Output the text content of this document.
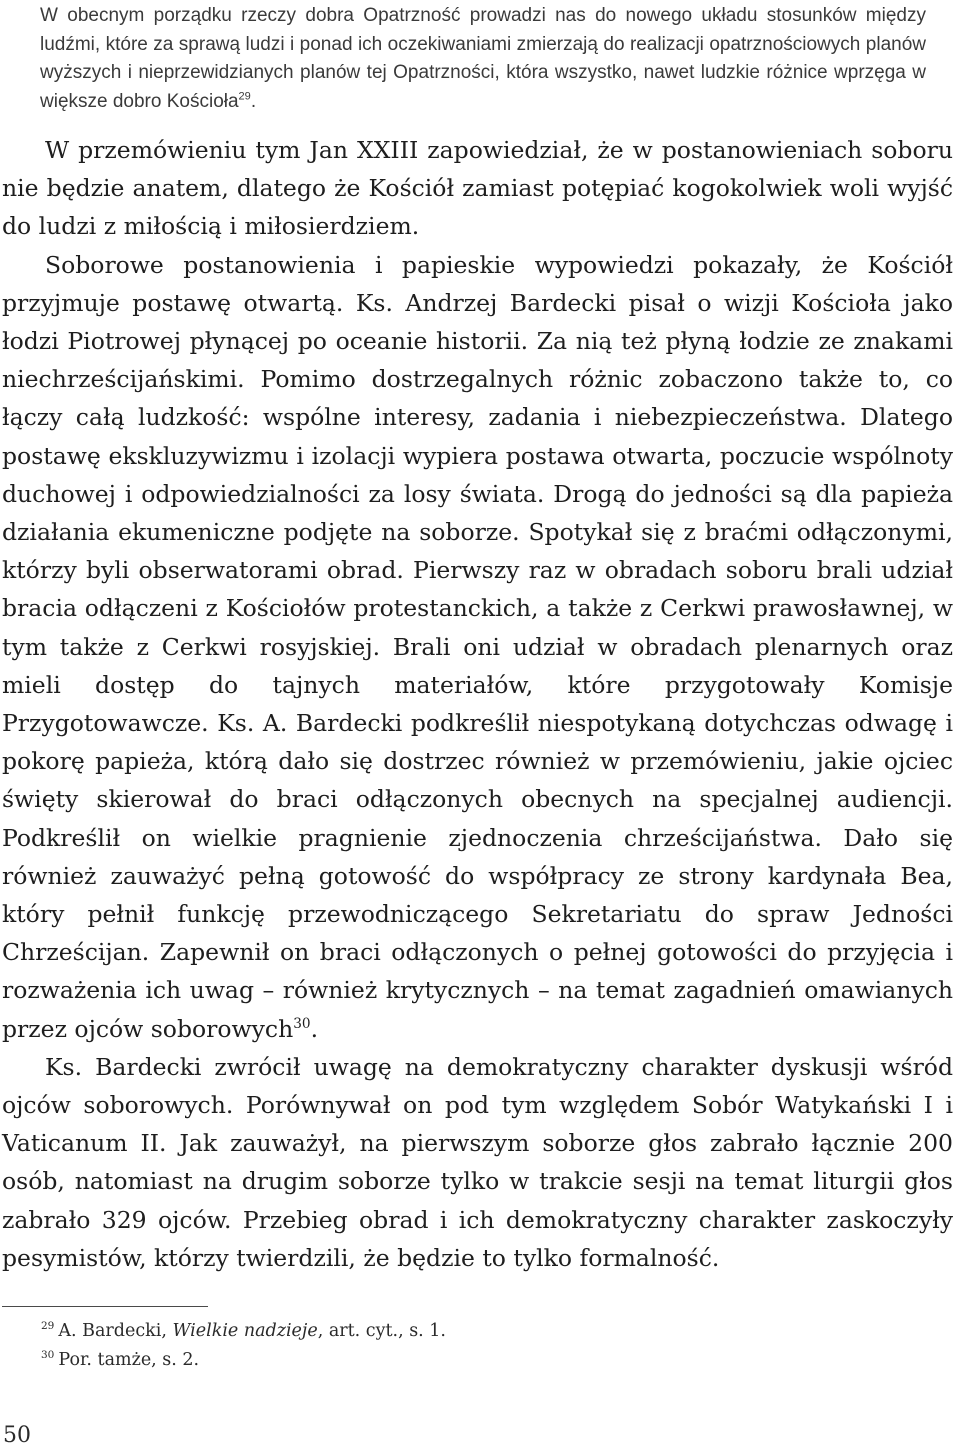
W obecnym porządku rzeczy dobra Opatrzność prowadzi nas do nowego układu stosunków między ludźmi, które za sprawą ludzi i ponad ich oczekiwaniami zmierzają do realizacji opatrznościowych planów wyższych i nieprzewidzianych planów tej Opatrzności, która wszystko, nawet ludzkie różnice wprzęga w większe dobro Kościoła$^{29}$.

W przemówieniu tym Jan XXIII zapowiedział, że w postanowieniach soboru nie będzie anatem, dlatego że Kościół zamiast potępiać kogokolwiek woli wyjść do ludzi z miłością i miłosierdziem.

Soborowe postanowienia i papieskie wypowiedzi pokazały, że Kościół przyjmuje postawę otwartą. Ks. Andrzej Bardecki pisał o wizji Kościoła jako łodzi Piotrowej płynącej po oceanie historii. Za nią też płyną łodzie ze znakami niechrześcijańskimi. Pomimo dostrzegalnych różnic zobaczono także to, co łączy całą ludzkość: wspólne interesy, zadania i niebezpieczeństwa. Dlatego postawę ekskluzywizmu i izolacji wypiera postawa otwarta, poczucie wspólnoty duchowej i odpowiedzialności za losy świata. Drogą do jedności są dla papieża działania ekumeniczne podjęte na soborze. Spotykał się z braćmi odłączonymi, którzy byli obserwatorami obrad. Pierwszy raz w obradach soboru brali udział bracia odłączeni z Kościołów protestanckich, a także z Cerkwi prawosławnej, w tym także z Cerkwi rosyjskiej. Brali oni udział w obradach plenarnych oraz mieli dostęp do tajnych materiałów, które przygotowały Komisje Przygotowawcze. Ks. A. Bardecki podkreślił niespotykaną dotychczas odwagę i pokorę papieża, którą dało się dostrzec również w przemówieniu, jakie ojciec święty skierował do braci odłączonych obecnych na specjalnej audiencji. Podkreślił on wielkie pragnienie zjednoczenia chrześcijaństwa. Dało się również zauważyć pełną gotowość do współpracy ze strony kardynała Bea, który pełnił funkcję przewodniczącego Sekretariatu do spraw Jedności Chrześcijan. Zapewnił on braci odłączonych o pełnej gotowości do przyjęcia i rozważenia ich uwag – również krytycznych – na temat zagadnień omawianych przez ojców soborowych$^{30}$.

Ks. Bardecki zwrócił uwagę na demokratyczny charakter dyskusji wśród ojców soborowych. Porównywał on pod tym względem Sobór Watykański I i Vaticanum II. Jak zauważył, na pierwszym soborze głos zabrało łącznie 200 osób, natomiast na drugim soborze tylko w trakcie sesji na temat liturgii głos zabrało 329 ojców. Przebieg obrad i ich demokratyczny charakter zaskoczyły pesymistów, którzy twierdzili, że będzie to tylko formalność.

$^{29}$ A. Bardecki, Wielkie nadzieje, art. cyt., s. 1.
$^{30}$ Por. tamże, s. 2.
50
